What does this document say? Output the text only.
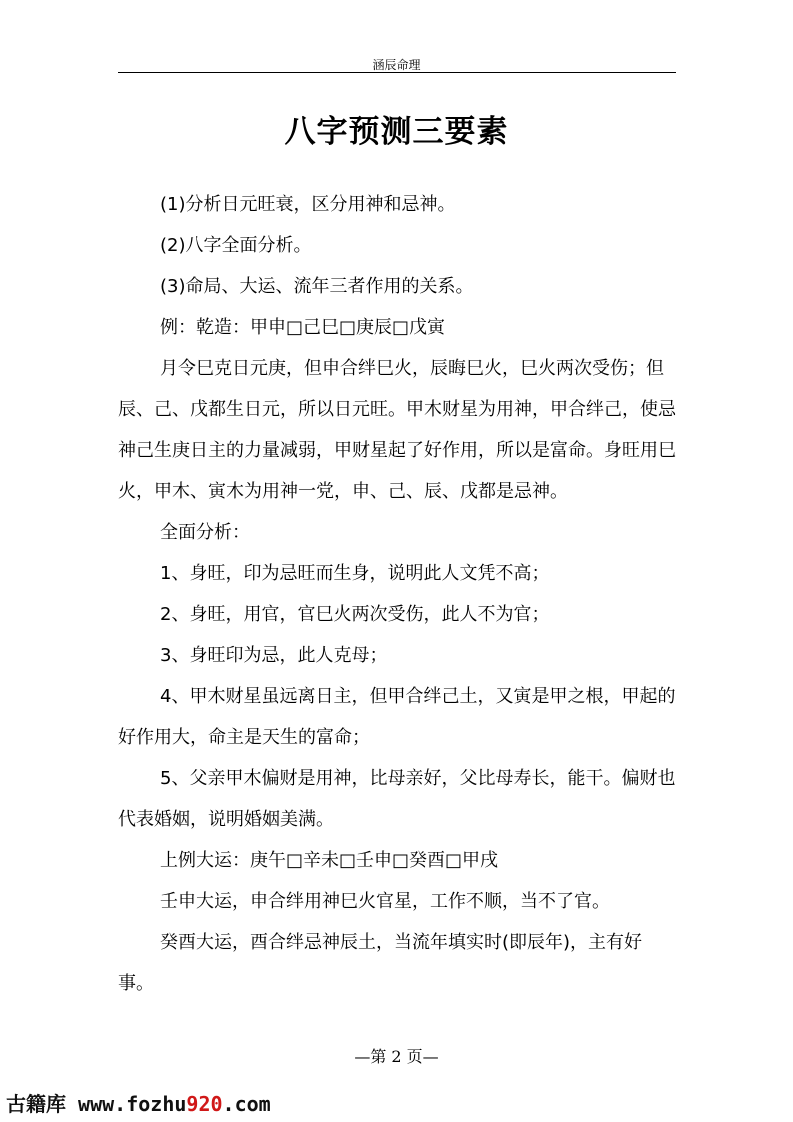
涵辰命理
八字预测三要素

(1)分析日元旺衰，区分用神和忌神。

(2)八字全面分析。

(3)命局、大运、流年三者作用的关系。

例：乾造：甲申□己巳□庚辰□戊寅

月令巳克日元庚，但申合绊巳火，辰晦巳火，巳火两次受伤；但辰、己、戊都生日元，所以日元旺。甲木财星为用神，甲合绊己，使忌神己生庚日主的力量减弱，甲财星起了好作用，所以是富命。身旺用巳火，甲木、寅木为用神一党，申、己、辰、戊都是忌神。

全面分析：

1、身旺，印为忌旺而生身，说明此人文凭不高；

2、身旺，用官，官巳火两次受伤，此人不为官；

3、身旺印为忌，此人克母；

4、甲木财星虽远离日主，但甲合绊己土，又寅是甲之根，甲起的好作用大，命主是天生的富命；

5、父亲甲木偏财是用神，比母亲好，父比母寿长，能干。偏财也代表婚姻，说明婚姻美满。

上例大运：庚午□辛未□壬申□癸酉□甲戌

壬申大运，申合绊用神巳火官星，工作不顺，当不了官。

癸酉大运，酉合绊忌神辰土，当流年填实时(即辰年)，主有好事。

—第 2 页—
古籍库 www.fozhu920.com
